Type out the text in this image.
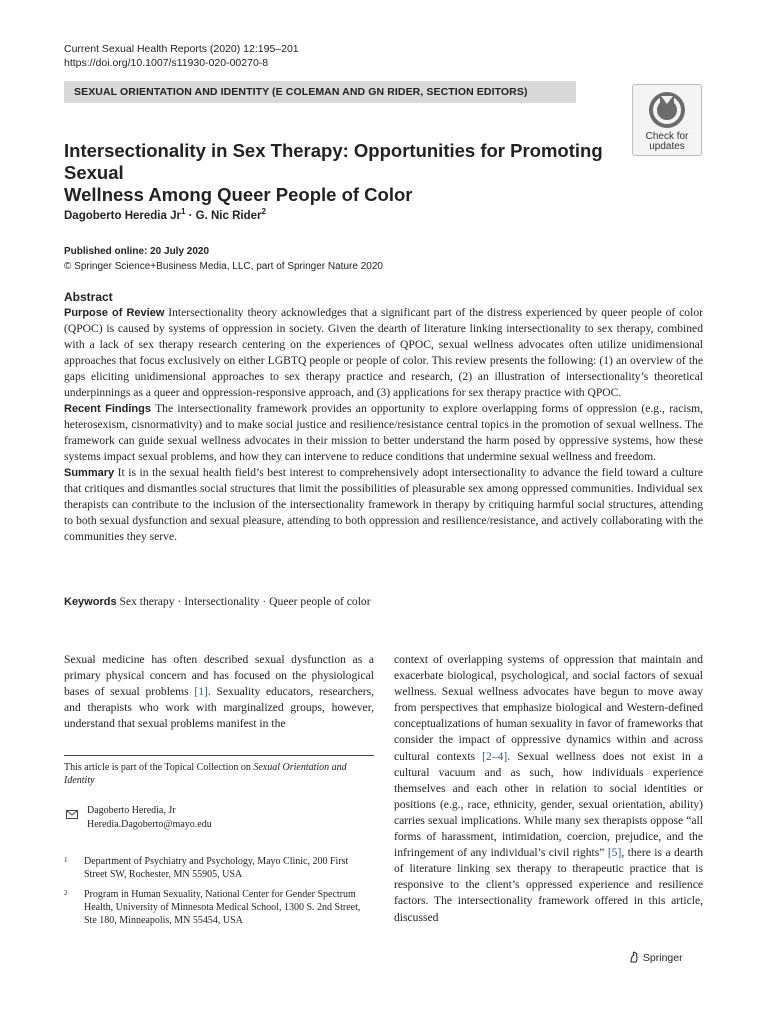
Current Sexual Health Reports (2020) 12:195–201
https://doi.org/10.1007/s11930-020-00270-8
SEXUAL ORIENTATION AND IDENTITY (E COLEMAN AND GN RIDER, SECTION EDITORS)
Check for
updates
Intersectionality in Sex Therapy: Opportunities for Promoting Sexual
Wellness Among Queer People of Color
Dagoberto Heredia $Jr^1 \cdot G$. Nic Rider$^2$
Published online: 20 July 2020
© Springer Science+Business Media, LLC, part of Springer Nature 2020
Abstract

Purpose of Review Intersectionality theory acknowledges that a significant part of the distress experienced by queer people of color (QPOC) is caused by systems of oppression in society. Given the dearth of literature linking intersectionality to sex therapy, combined with a lack of sex therapy research centering on the experiences of QPOC, sexual wellness advocates often utilize unidimensional approaches that focus exclusively on either LGBTQ people or people of color. This review presents the following: (1) an overview of the gaps eliciting unidimensional approaches to sex therapy practice and research, (2) an illustration of intersectionality’s theoretical underpinnings as a queer and oppression-responsive approach, and (3) applications for sex therapy practice with QPOC.

Recent Findings The intersectionality framework provides an opportunity to explore overlapping forms of oppression (e.g., racism, heterosexism, cisnormativity) and to make social justice and resilience/resistance central topics in the promotion of sexual wellness. The framework can guide sexual wellness advocates in their mission to better understand the harm posed by oppressive systems, how these systems impact sexual problems, and how they can intervene to reduce conditions that undermine sexual wellness and freedom.

Summary It is in the sexual health field’s best interest to comprehensively adopt intersectionality to advance the field toward a culture that critiques and dismantles social structures that limit the possibilities of pleasurable sex among oppressed communities. Individual sex therapists can contribute to the inclusion of the intersectionality framework in therapy by critiquing harmful social structures, attending to both sexual dysfunction and sexual pleasure, attending to both oppression and resilience/resistance, and actively collaborating with the communities they serve.

Keywords Sex therapy · Intersectionality · Queer people of color

Sexual medicine has often described sexual dysfunction as a primary physical concern and has focused on the physiological bases of sexual problems [1]. Sexuality educators, researchers, and therapists who work with marginalized groups, however, understand that sexual problems manifest in the

context of overlapping systems of oppression that maintain and exacerbate biological, psychological, and social factors of sexual wellness. Sexual wellness advocates have begun to move away from perspectives that emphasize biological and Western-defined conceptualizations of human sexuality in favor of frameworks that consider the impact of oppressive dynamics within and across cultural contexts [2–4]. Sexual wellness does not exist in a cultural vacuum and as such, how individuals experience themselves and each other in relation to social identities or positions (e.g., race, ethnicity, gender, sexual orientation, ability) carries sexual implications. While many sex therapists oppose “all forms of harassment, intimidation, coercion, prejudice, and the infringement of any individual’s civil rights” [5], there is a dearth of literature linking sex therapy to therapeutic practice that is responsive to the client’s oppressed experience and resilience factors. The intersectionality framework offered in this article, discussed

This article is part of the Topical Collection on Sexual Orientation and Identity
Dagoberto Heredia, Jr
Heredia.Dagoberto@mayo.edu
1 Department of Psychiatry and Psychology, Mayo Clinic, 200 First Street SW, Rochester, MN 55905, USA
2 Program in Human Sexuality, National Center for Gender Spectrum Health, University of Minnesota Medical School, 1300 S. 2nd Street, Ste 180, Minneapolis, MN 55454, USA
Springer
